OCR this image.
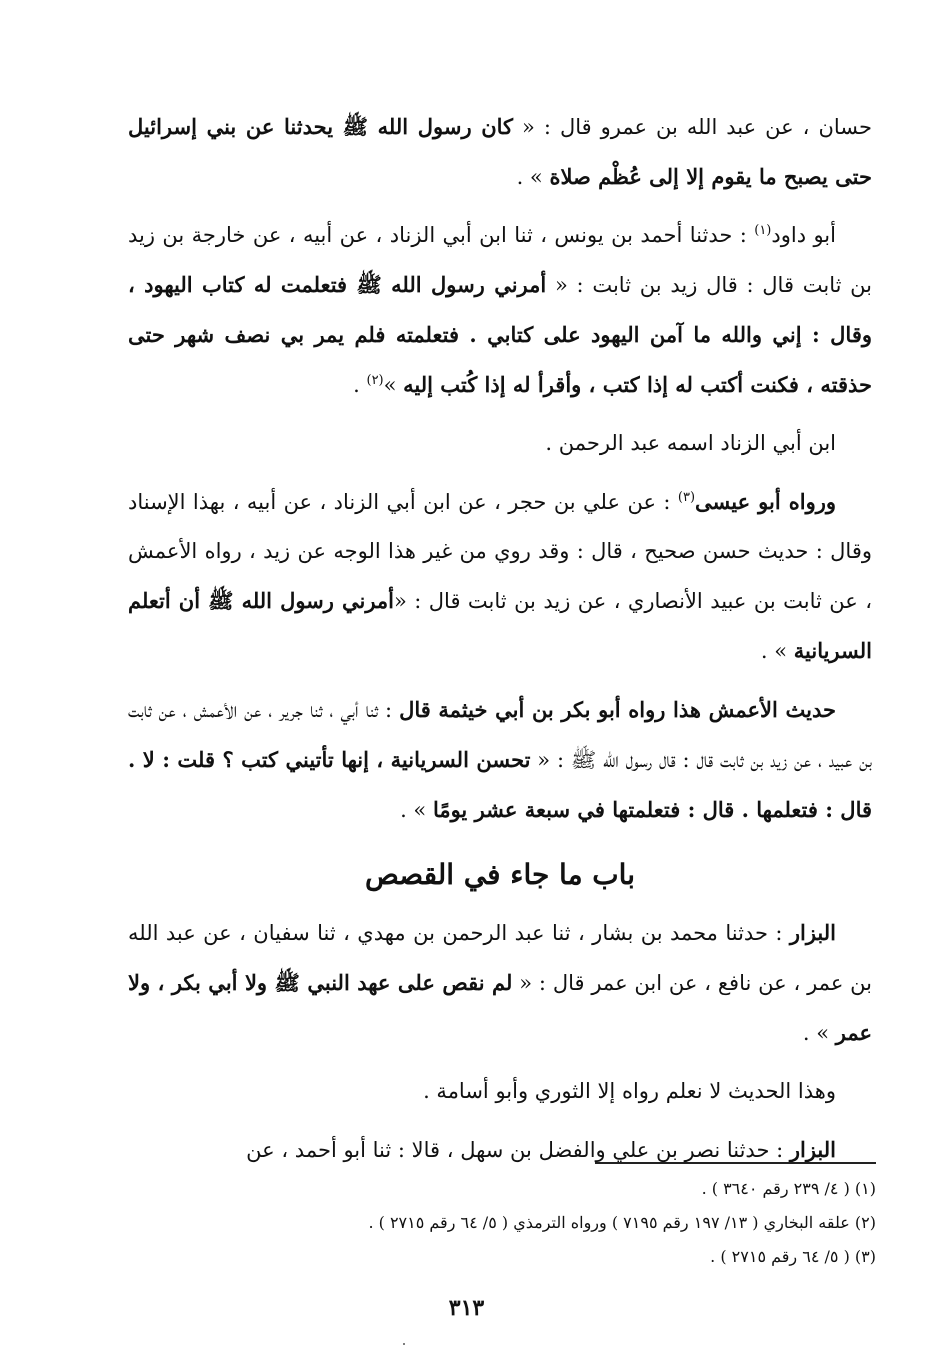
حسان ، عن عبد الله بن عمرو قال : « كان رسول الله ﷺ يحدثنا عن بني إسرائيل حتى يصبح ما يقوم إلا إلى عُظْم صلاة » .

أبو داود$^{(١)}$ : حدثنا أحمد بن يونس ، ثنا ابن أبي الزناد ، عن أبيه ، عن خارجة بن زيد بن ثابت قال : قال زيد بن ثابت : « أمرني رسول الله ﷺ فتعلمت له كتاب اليهود ، وقال : إني والله ما آمن اليهود على كتابي . فتعلمته فلم يمر بي نصف شهر حتى حذقته ، فكنت أكتب له إذا كتب ، وأقرأ له إذا كُتب إليه »$^{(٢)}$ .

ابن أبي الزناد اسمه عبد الرحمن .

ورواه أبو عيسى$^{(٣)}$ : عن علي بن حجر ، عن ابن أبي الزناد ، عن أبيه ، بهذا الإسناد وقال : حديث حسن صحيح ، قال : وقد روي من غير هذا الوجه عن زيد ، رواه الأعمش ، عن ثابت بن عبيد الأنصاري ، عن زيد بن ثابت قال : «أمرني رسول الله ﷺ أن أتعلم السريانية » .

حديث الأعمش هذا رواه أبو بكر بن أبي خيثمة قال : ثنا أبي ، ثنا جرير ، عن الأعمش ، عن ثابت بن عبيد ، عن زيد بن ثابت قال : قال رسول الله ﷺ : « تحسن السريانية ، إنها تأتيني كتب ؟ قلت : لا . قال : فتعلمها . قال : فتعلمتها في سبعة عشر يومًا » .

باب ما جاء في القصص

البزار : حدثنا محمد بن بشار ، ثنا عبد الرحمن بن مهدي ، ثنا سفيان ، عن عبد الله بن عمر ، عن نافع ، عن ابن عمر قال : « لم نقص على عهد النبي ﷺ ولا أبي بكر ، ولا عمر » .

وهذا الحديث لا نعلم رواه إلا الثوري وأبو أسامة .

البزار : حدثنا نصر بن علي والفضل بن سهل ، قالا : ثنا أبو أحمد ، عن

(١) ( ٤/ ٢٣٩ رقم ٣٦٤٠ ) .

(٢) علقه البخاري ( ١٣/ ١٩٧ رقم ٧١٩٥ ) ورواه الترمذي ( ٥/ ٦٤ رقم ٢٧١٥ ) .

(٣) ( ٥/ ٦٤ رقم ٢٧١٥ ) .

٣١٣
